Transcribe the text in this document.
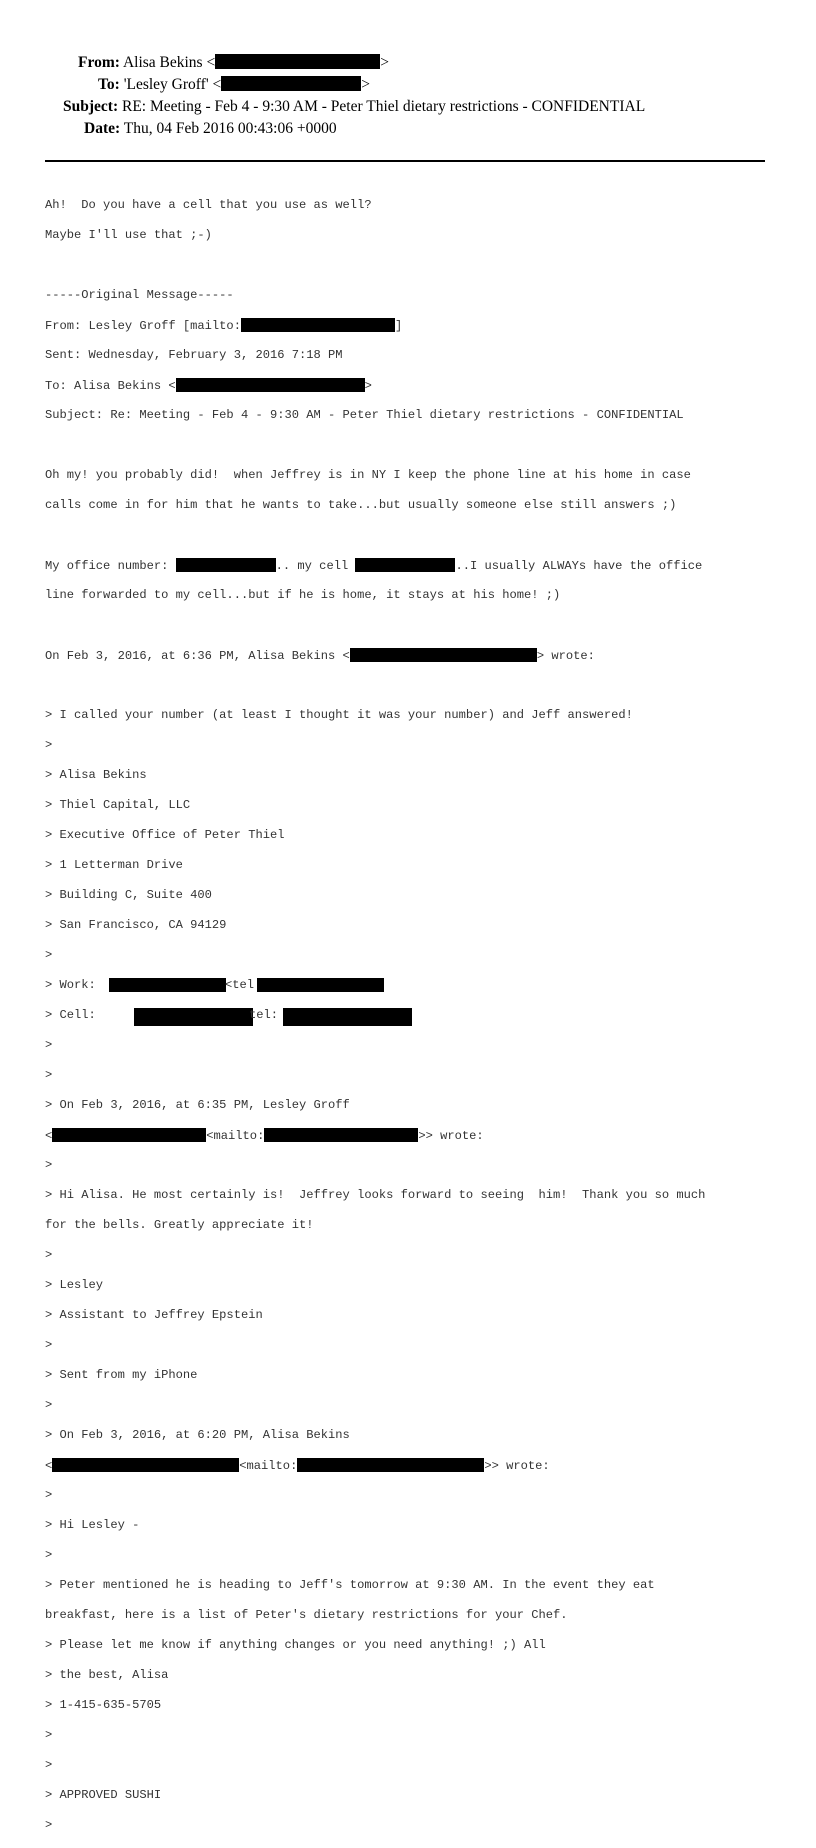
From: Alisa Bekins <	>
To: 'Lesley Groff' <	>
Subject: RE: Meeting - Feb 4 - 9:30 AM - Peter Thiel dietary restrictions - CONFIDENTIAL
Date: Thu, 04 Feb 2016 00:43:06 +0000

Ah!  Do you have a cell that you use as well?

Maybe I'll use that ;-)

-----Original Message-----

From: Lesley Groff [mailto:	]

Sent: Wednesday, February 3, 2016 7:18 PM

To: Alisa Bekins <	>

Subject: Re: Meeting - Feb 4 - 9:30 AM - Peter Thiel dietary restrictions - CONFIDENTIAL

Oh my! you probably did!  when Jeffrey is in NY I keep the phone line at his home in case

calls come in for him that he wants to take...but usually someone else still answers ;)

My office number:	.. my cell	..I usually ALWAYs have the office

line forwarded to my cell...but if he is home, it stays at his home! ;)

On Feb 3, 2016, at 6:36 PM, Alisa Bekins <	> wrote:

> I called your number (at least I thought it was your number) and Jeff answered!

>

> Alisa Bekins

> Thiel Capital, LLC

> Executive Office of Peter Thiel

> 1 Letterman Drive

> Building C, Suite 400

> San Francisco, CA 94129

>

> Work:	<tel

> Cell:	tel:

>

>

> On Feb 3, 2016, at 6:35 PM, Lesley Groff

<	<mailto:	>> wrote:

>

> Hi Alisa. He most certainly is!  Jeffrey looks forward to seeing  him!  Thank you so much

for the bells. Greatly appreciate it!

>

> Lesley

> Assistant to Jeffrey Epstein

>

> Sent from my iPhone

>

> On Feb 3, 2016, at 6:20 PM, Alisa Bekins

<	<mailto:	>> wrote:

>

> Hi Lesley -

>

> Peter mentioned he is heading to Jeff's tomorrow at 9:30 AM. In the event they eat

breakfast, here is a list of Peter's dietary restrictions for your Chef.

> Please let me know if anything changes or you need anything! ;) All

> the best, Alisa

> 1-415-635-5705

>

>

> APPROVED SUSHI

>
